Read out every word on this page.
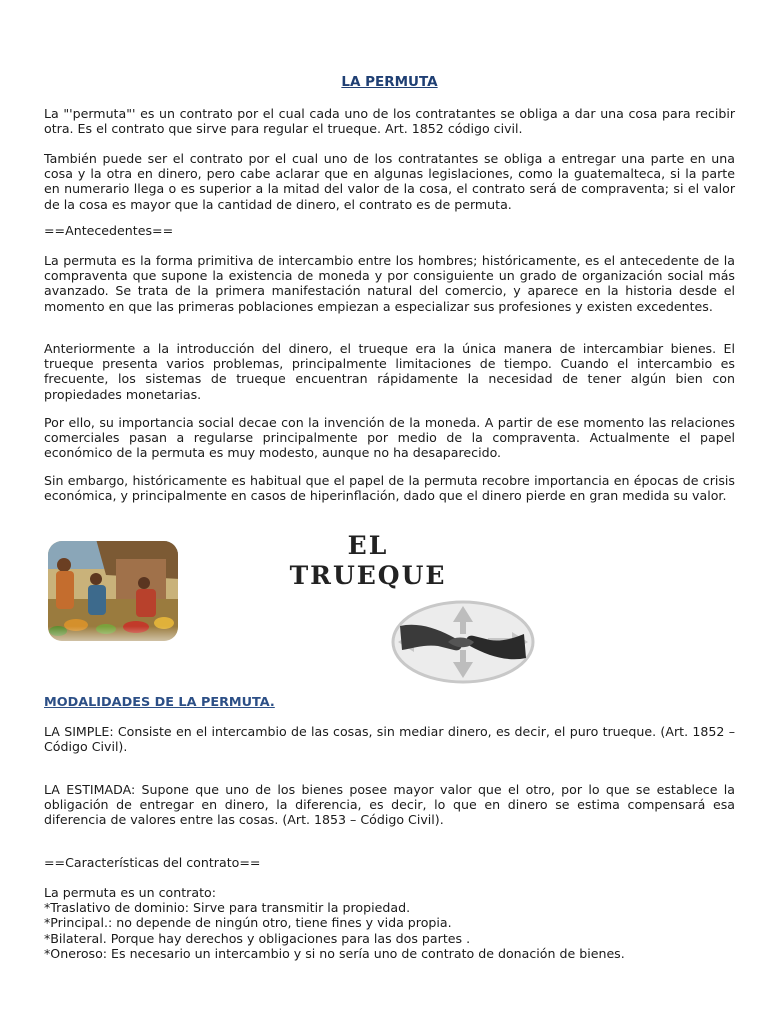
LA PERMUTA

La "'permuta"' es un contrato por el cual cada uno de los contratantes se obliga a dar una cosa para recibir otra. Es el contrato que sirve para regular el trueque. Art. 1852 código civil.

También puede ser el contrato por el cual uno de los contratantes se obliga a entregar una parte en una cosa y la otra en dinero, pero cabe aclarar que en algunas legislaciones, como la guatemalteca, si la parte en numerario llega o es superior a la mitad del valor de la cosa, el contrato será de compraventa; si el valor de la cosa es mayor que la cantidad de dinero, el contrato es de permuta.

==Antecedentes==

La permuta es la forma primitiva de intercambio entre los hombres; históricamente, es el antecedente de la compraventa que supone la existencia de moneda y por consiguiente un grado de organización social más avanzado. Se trata de la primera manifestación natural del comercio, y aparece en la historia desde el momento en que las primeras poblaciones empiezan a especializar sus profesiones y existen excedentes.

Anteriormente a la introducción del dinero, el trueque era la única manera de intercambiar bienes. El trueque presenta varios problemas, principalmente limitaciones de tiempo. Cuando el intercambio es frecuente, los sistemas de trueque encuentran rápidamente la necesidad de tener algún bien con propiedades monetarias.

Por ello, su importancia social decae con la invención de la moneda. A partir de ese momento las relaciones comerciales pasan a regularse principalmente por medio de la compraventa. Actualmente el papel económico de la permuta es muy modesto, aunque no ha desaparecido.

Sin embargo, históricamente es habitual que el papel de la permuta recobre importancia en épocas de crisis económica, y principalmente en casos de hiperinflación, dado que el dinero pierde en gran medida su valor.

MODALIDADES DE LA PERMUTA.

LA SIMPLE: Consiste en el intercambio de las cosas, sin mediar dinero, es decir, el puro trueque. (Art. 1852 – Código Civil).

LA ESTIMADA: Supone que uno de los bienes posee mayor valor que el otro, por lo que se establece la obligación de entregar en dinero, la diferencia, es decir, lo que en dinero se estima compensará esa diferencia de valores entre las cosas. (Art. 1853 – Código Civil).

==Características del contrato==

La permuta es un contrato:
*Traslativo de dominio: Sirve para transmitir la propiedad.
*Principal.: no depende de ningún otro, tiene fines y vida propia.
*Bilateral. Porque hay derechos y obligaciones para las dos partes .
*Oneroso: Es necesario un intercambio y si no sería uno de contrato de donación de bienes.
EL
TRUEQUE
